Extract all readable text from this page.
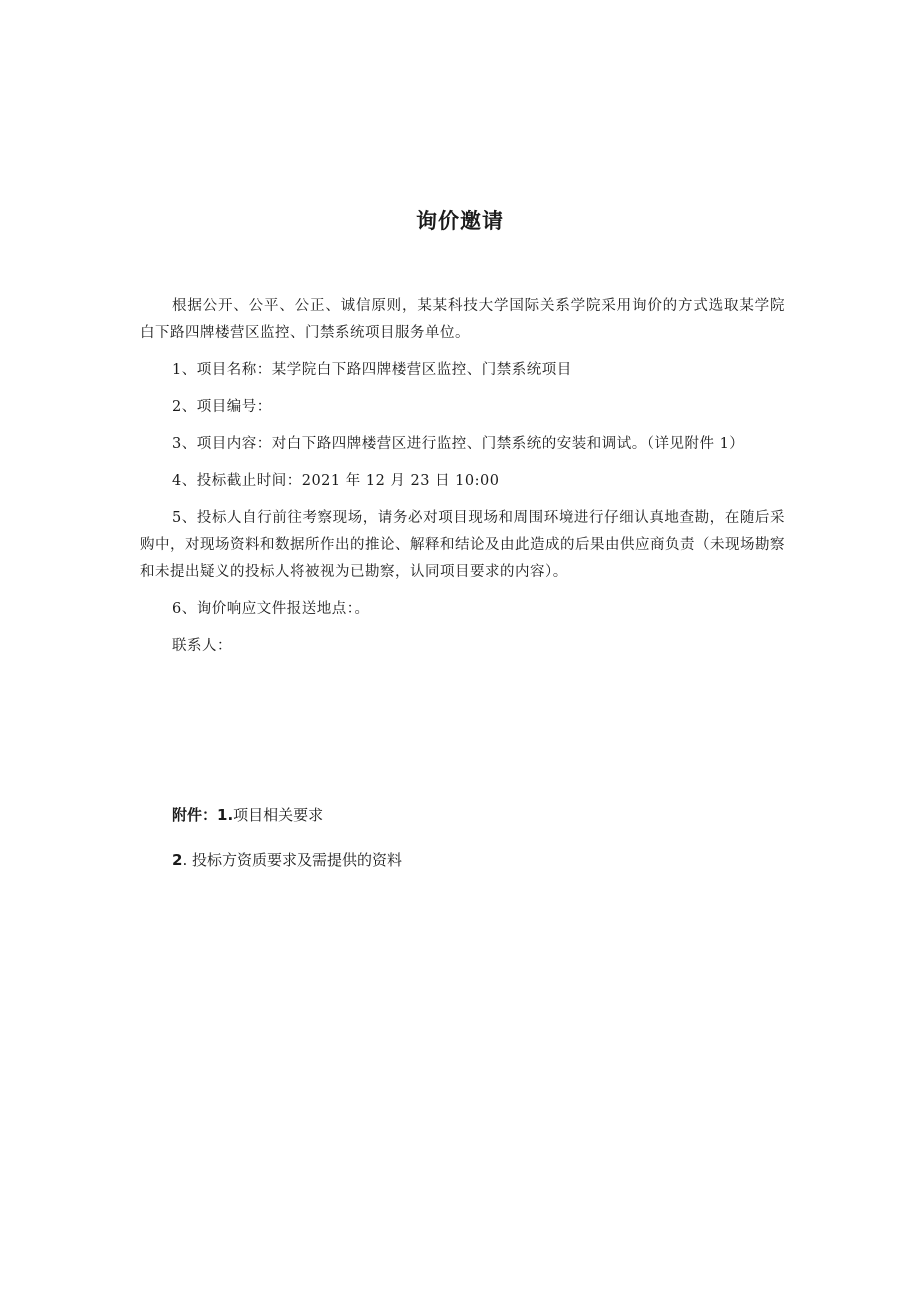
询价邀请

根据公开、公平、公正、诚信原则，某某科技大学国际关系学院采用询价的方式选取某学院白下路四牌楼营区监控、门禁系统项目服务单位。

1、项目名称：某学院白下路四牌楼营区监控、门禁系统项目

2、项目编号：

3、项目内容：对白下路四牌楼营区进行监控、门禁系统的安装和调试。（详见附件 1）

4、投标截止时间：2021 年 12 月 23 日 10:00

5、投标人自行前往考察现场，请务必对项目现场和周围环境进行仔细认真地查勘，在随后采购中，对现场资料和数据所作出的推论、解释和结论及由此造成的后果由供应商负责（未现场勘察和未提出疑义的投标人将被视为已勘察，认同项目要求的内容）。

6、询价响应文件报送地点：。

联系人：

附件：1.项目相关要求

2. 投标方资质要求及需提供的资料
